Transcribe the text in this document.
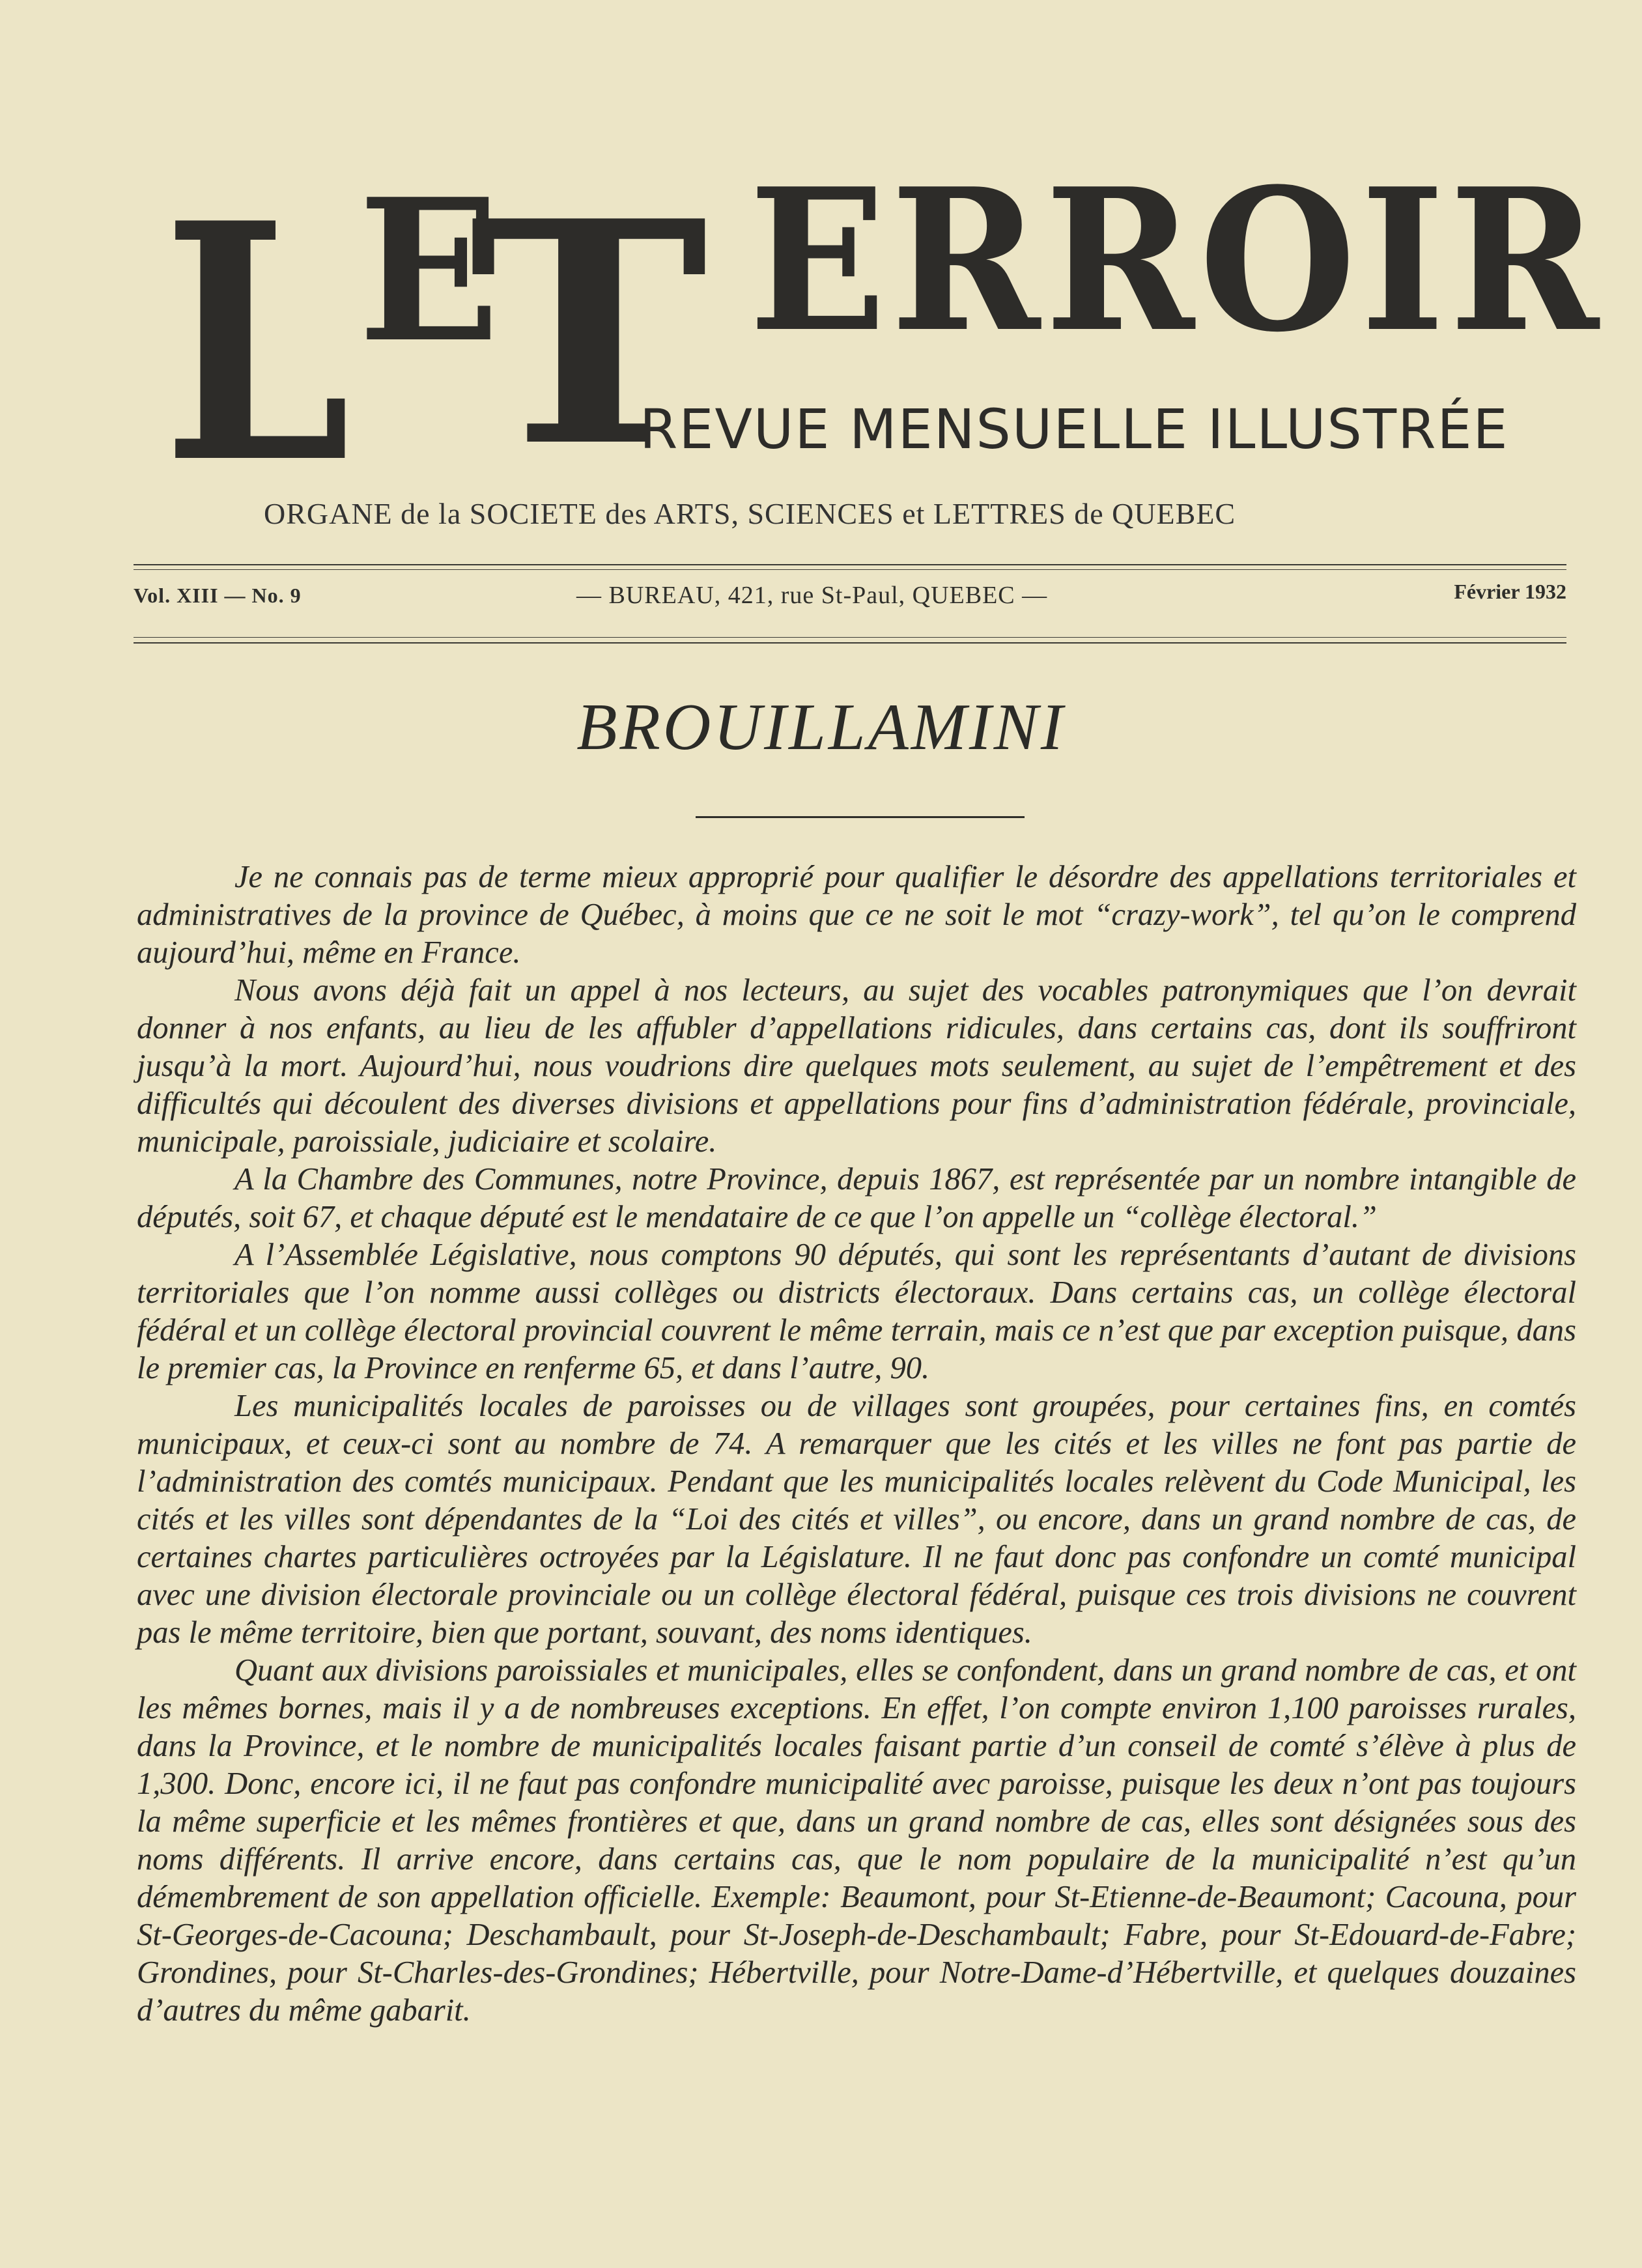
L E
T ERROIR
REVUE MENSUELLE ILLUSTRÉE
ORGANE de la SOCIETE des ARTS, SCIENCES et LETTRES de QUEBEC
Vol. XIII — No. 9	— BUREAU, 421, rue St-Paul, QUEBEC —	Février 1932
BROUILLAMINI

Je ne connais pas de terme mieux approprié pour qualifier le désordre des appellations territoriales et administratives de la province de Québec, à moins que ce ne soit le mot “crazy-work”, tel qu’on le comprend aujourd’hui, même en France.

Nous avons déjà fait un appel à nos lecteurs, au sujet des vocables patronymiques que l’on devrait donner à nos enfants, au lieu de les affubler d’appellations ridicules, dans certains cas, dont ils souffriront jusqu’à la mort. Aujourd’hui, nous voudrions dire quelques mots seulement, au sujet de l’empêtrement et des difficultés qui découlent des diverses divisions et appellations pour fins d’administration fédérale, provinciale, municipale, paroissiale, judiciaire et scolaire.

A la Chambre des Communes, notre Province, depuis 1867, est représentée par un nombre intangible de députés, soit 67, et chaque député est le mendataire de ce que l’on appelle un “collège électoral.”

A l’Assemblée Législative, nous comptons 90 députés, qui sont les représentants d’autant de divisions territoriales que l’on nomme aussi collèges ou districts électoraux. Dans certains cas, un collège électoral fédéral et un collège électoral provincial couvrent le même terrain, mais ce n’est que par exception puisque, dans le premier cas, la Province en renferme 65, et dans l’autre, 90.

Les municipalités locales de paroisses ou de villages sont groupées, pour certaines fins, en comtés municipaux, et ceux-ci sont au nombre de 74. A remarquer que les cités et les villes ne font pas partie de l’administration des comtés municipaux. Pendant que les municipalités locales relèvent du Code Municipal, les cités et les villes sont dépendantes de la “Loi des cités et villes”, ou encore, dans un grand nombre de cas, de certaines chartes particulières octroyées par la Législature. Il ne faut donc pas confondre un comté municipal avec une division électorale provinciale ou un collège électoral fédéral, puisque ces trois divisions ne couvrent pas le même territoire, bien que portant, souvant, des noms identiques.

Quant aux divisions paroissiales et municipales, elles se confondent, dans un grand nombre de cas, et ont les mêmes bornes, mais il y a de nombreuses exceptions. En effet, l’on compte environ 1,100 paroisses rurales, dans la Province, et le nombre de municipalités locales faisant partie d’un conseil de comté s’élève à plus de 1,300. Donc, encore ici, il ne faut pas confondre municipalité avec paroisse, puisque les deux n’ont pas toujours la même superficie et les mêmes frontières et que, dans un grand nombre de cas, elles sont désignées sous des noms différents. Il arrive encore, dans certains cas, que le nom populaire de la municipalité n’est qu’un démembrement de son appellation officielle. Exemple: Beaumont, pour St-Etienne-de-Beaumont; Cacouna, pour St-Georges-de-Cacouna; Deschambault, pour St-Joseph-de-Deschambault; Fabre, pour St-Edouard-de-Fabre; Grondines, pour St-Charles-des-Grondines; Hébertville, pour Notre-Dame-d’Hébertville, et quelques douzaines d’autres du même gabarit.
